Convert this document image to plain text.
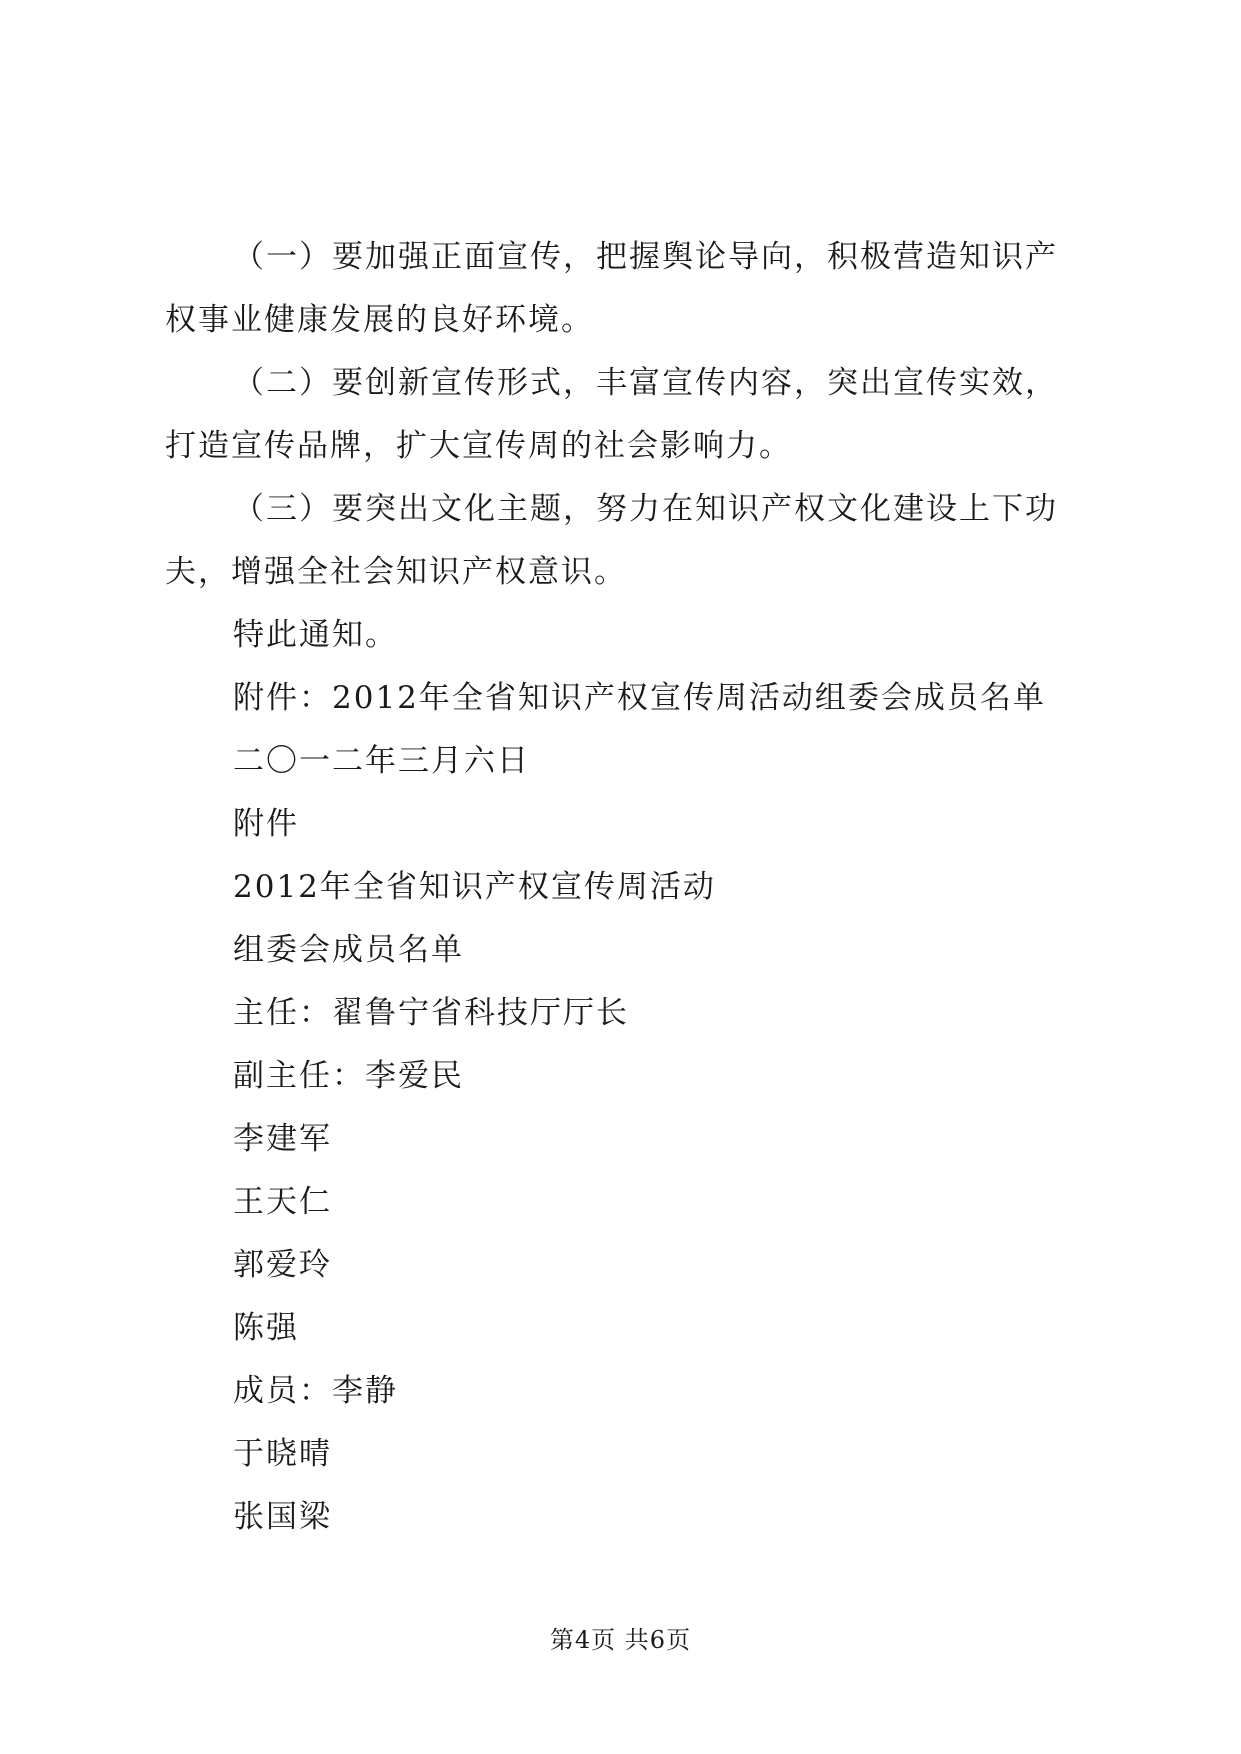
（一）要加强正面宣传，把握舆论导向，积极营造知识产权事业健康发展的良好环境。

（二）要创新宣传形式，丰富宣传内容，突出宣传实效，打造宣传品牌，扩大宣传周的社会影响力。

（三）要突出文化主题，努力在知识产权文化建设上下功夫，增强全社会知识产权意识。

特此通知。
附件：2012年全省知识产权宣传周活动组委会成员名单
二〇一二年三月六日
附件
2012年全省知识产权宣传周活动
组委会成员名单
主任：翟鲁宁省科技厅厅长
副主任：李爱民
李建军
王天仁
郭爱玲
陈强
成员：李静
于晓晴
张国梁
第4页 共6页
